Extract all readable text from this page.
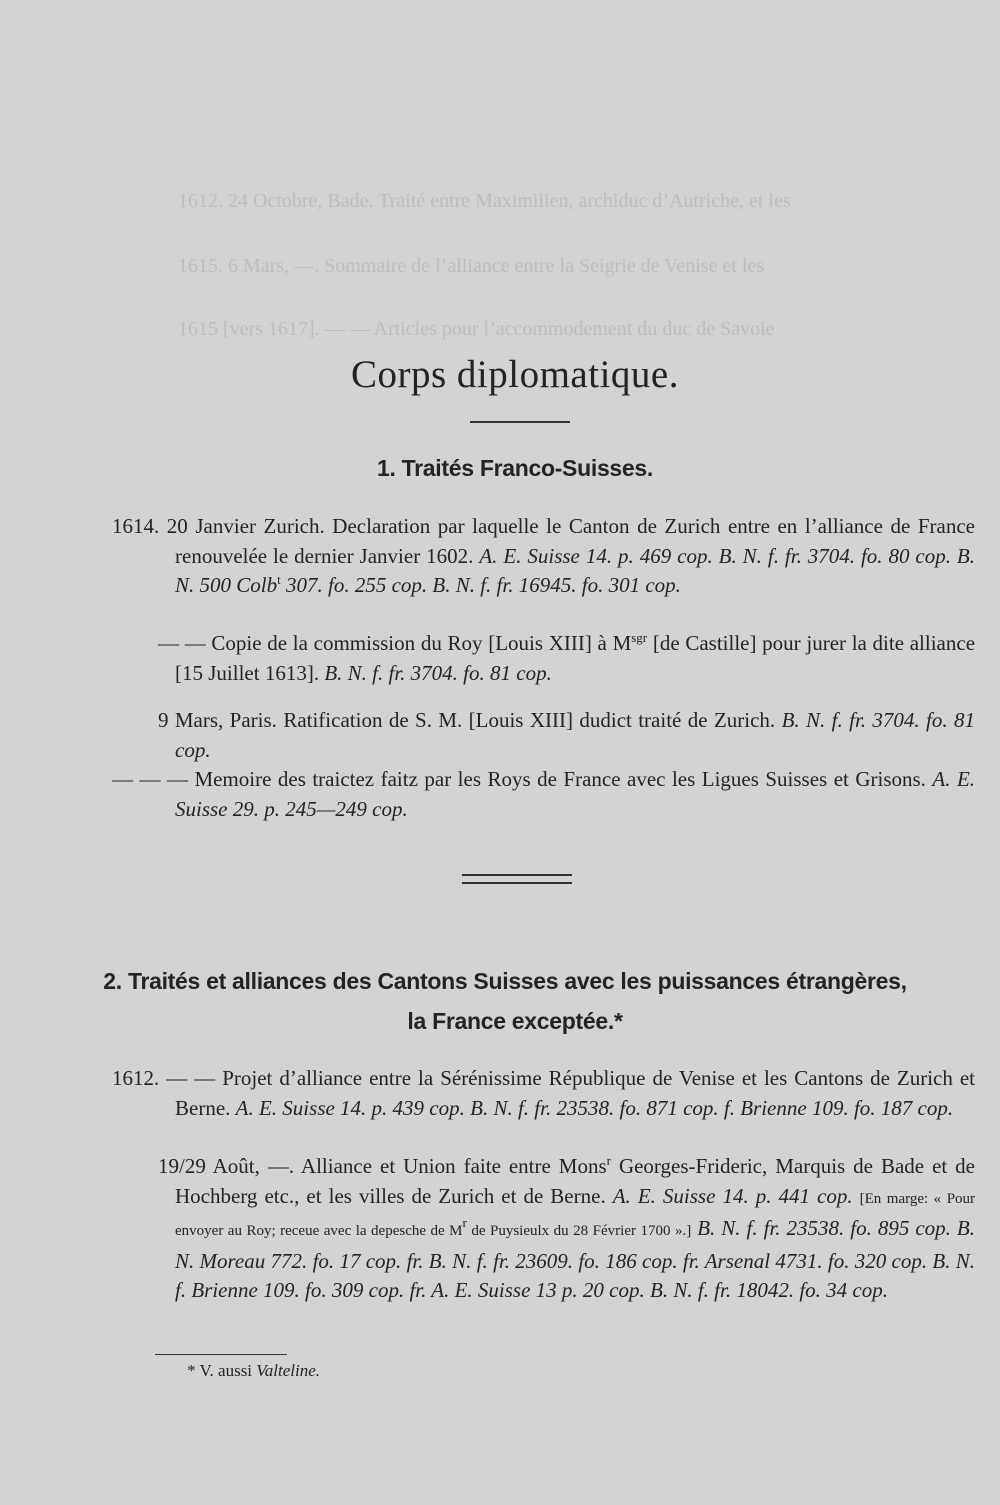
1612. 24 Octobre, Bade. Traité entre Maximilien, archiduc d’Autriche, et les
1615. 6 Mars, —. Sommaire de l’alliance entre la Seigrie de Venise et les
1615 [vers 1617]. — — Articles pour l’accommodement du duc de Savoie
Corps diplomatique.
1. Traités Franco-Suisses.
1614. 20 Janvier Zurich. Declaration par laquelle le Canton de Zurich entre en l’alliance de France renouvelée le dernier Janvier 1602. A. E. Suisse 14. p. 469 cop. B. N. f. fr. 3704. fo. 80 cop. B. N. 500 Colb$^t$ 307. fo. 255 cop. B. N. f. fr. 16945. fo. 301 cop.
— — Copie de la commission du Roy [Louis XIII] à $M^{sgr}$ [de Castille] pour jurer la dite alliance [15 Juillet 1613]. B. N. f. fr. 3704. fo. 81 cop.
9 Mars, Paris. Ratification de S. M. [Louis XIII] dudict traité de Zurich. B. N. f. fr. 3704. fo. 81 cop.
— — — Memoire des traictez faitz par les Roys de France avec les Ligues Suisses et Grisons. A. E. Suisse 29. p. 245—249 cop.
2. Traités et alliances des Cantons Suisses avec les puissances étrangères,
la France exceptée.*
1612. — — Projet d’alliance entre la Sérénissime République de Venise et les Cantons de Zurich et Berne. A. E. Suisse 14. p. 439 cop. B. N. f. fr. 23538. fo. 871 cop. f. Brienne 109. fo. 187 cop.
19/29 Août, —. Alliance et Union faite entre Mons$^r$ Georges-Frideric, Marquis de Bade et de Hochberg etc., et les villes de Zurich et de Berne. A. E. Suisse 14. p. 441 cop. [En marge: « Pour envoyer au Roy; receue avec la depesche de $M^r$ de Puysieulx du 28 Février 1700 ».] B. N. f. fr. 23538. fo. 895 cop. B. N. Moreau 772. fo. 17 cop. fr. B. N. f. fr. 23609. fo. 186 cop. fr. Arsenal 4731. fo. 320 cop. B. N. f. Brienne 109. fo. 309 cop. fr. A. E. Suisse 13 p. 20 cop. B. N. f. fr. 18042. fo. 34 cop.
* V. aussi Valteline.
